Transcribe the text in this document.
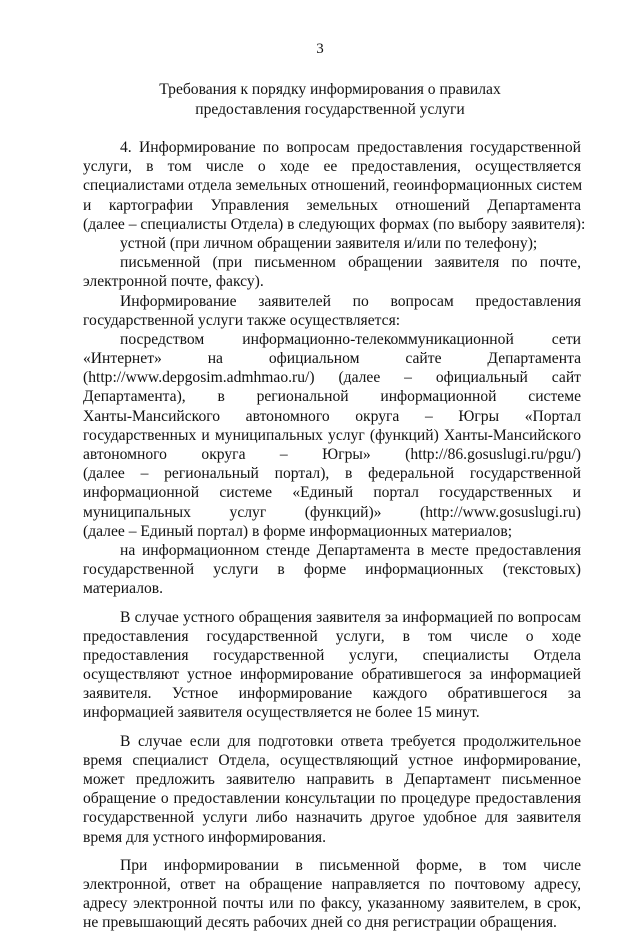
3
Требования к порядку информирования о правилах
предоставления государственной услуги
4. Информирование по вопросам предоставления государственной
услуги, в том числе о ходе ее предоставления, осуществляется
специалистами отдела земельных отношений, геоинформационных систем
и картографии Управления земельных отношений Департамента
(далее – специалисты Отдела) в следующих формах (по выбору заявителя):
устной (при личном обращении заявителя и/или по телефону);
письменной (при письменном обращении заявителя по почте,
электронной почте, факсу).
Информирование заявителей по вопросам предоставления
государственной услуги также осуществляется:
посредством информационно-телекоммуникационной сети
«Интернет» на официальном сайте Департамента
(http://www.depgosim.admhmao.ru/) (далее – официальный сайт
Департамента), в региональной информационной системе
Ханты-Мансийского автономного округа – Югры «Портал
государственных и муниципальных услуг (функций) Ханты-Мансийского
автономного округа – Югры» (http://86.gosuslugi.ru/pgu/)
(далее – региональный портал), в федеральной государственной
информационной системе «Единый портал государственных и
муниципальных услуг (функций)» (http://www.gosuslugi.ru)
(далее – Единый портал) в форме информационных материалов;
на информационном стенде Департамента в месте предоставления
государственной услуги в форме информационных (текстовых)
материалов.
В случае устного обращения заявителя за информацией по вопросам
предоставления государственной услуги, в том числе о ходе
предоставления государственной услуги, специалисты Отдела
осуществляют устное информирование обратившегося за информацией
заявителя. Устное информирование каждого обратившегося за
информацией заявителя осуществляется не более 15 минут.
В случае если для подготовки ответа требуется продолжительное
время специалист Отдела, осуществляющий устное информирование,
может предложить заявителю направить в Департамент письменное
обращение о предоставлении консультации по процедуре предоставления
государственной услуги либо назначить другое удобное для заявителя
время для устного информирования.
При информировании в письменной форме, в том числе
электронной, ответ на обращение направляется по почтовому адресу,
адресу электронной почты или по факсу, указанному заявителем, в срок,
не превышающий десять рабочих дней со дня регистрации обращения.
